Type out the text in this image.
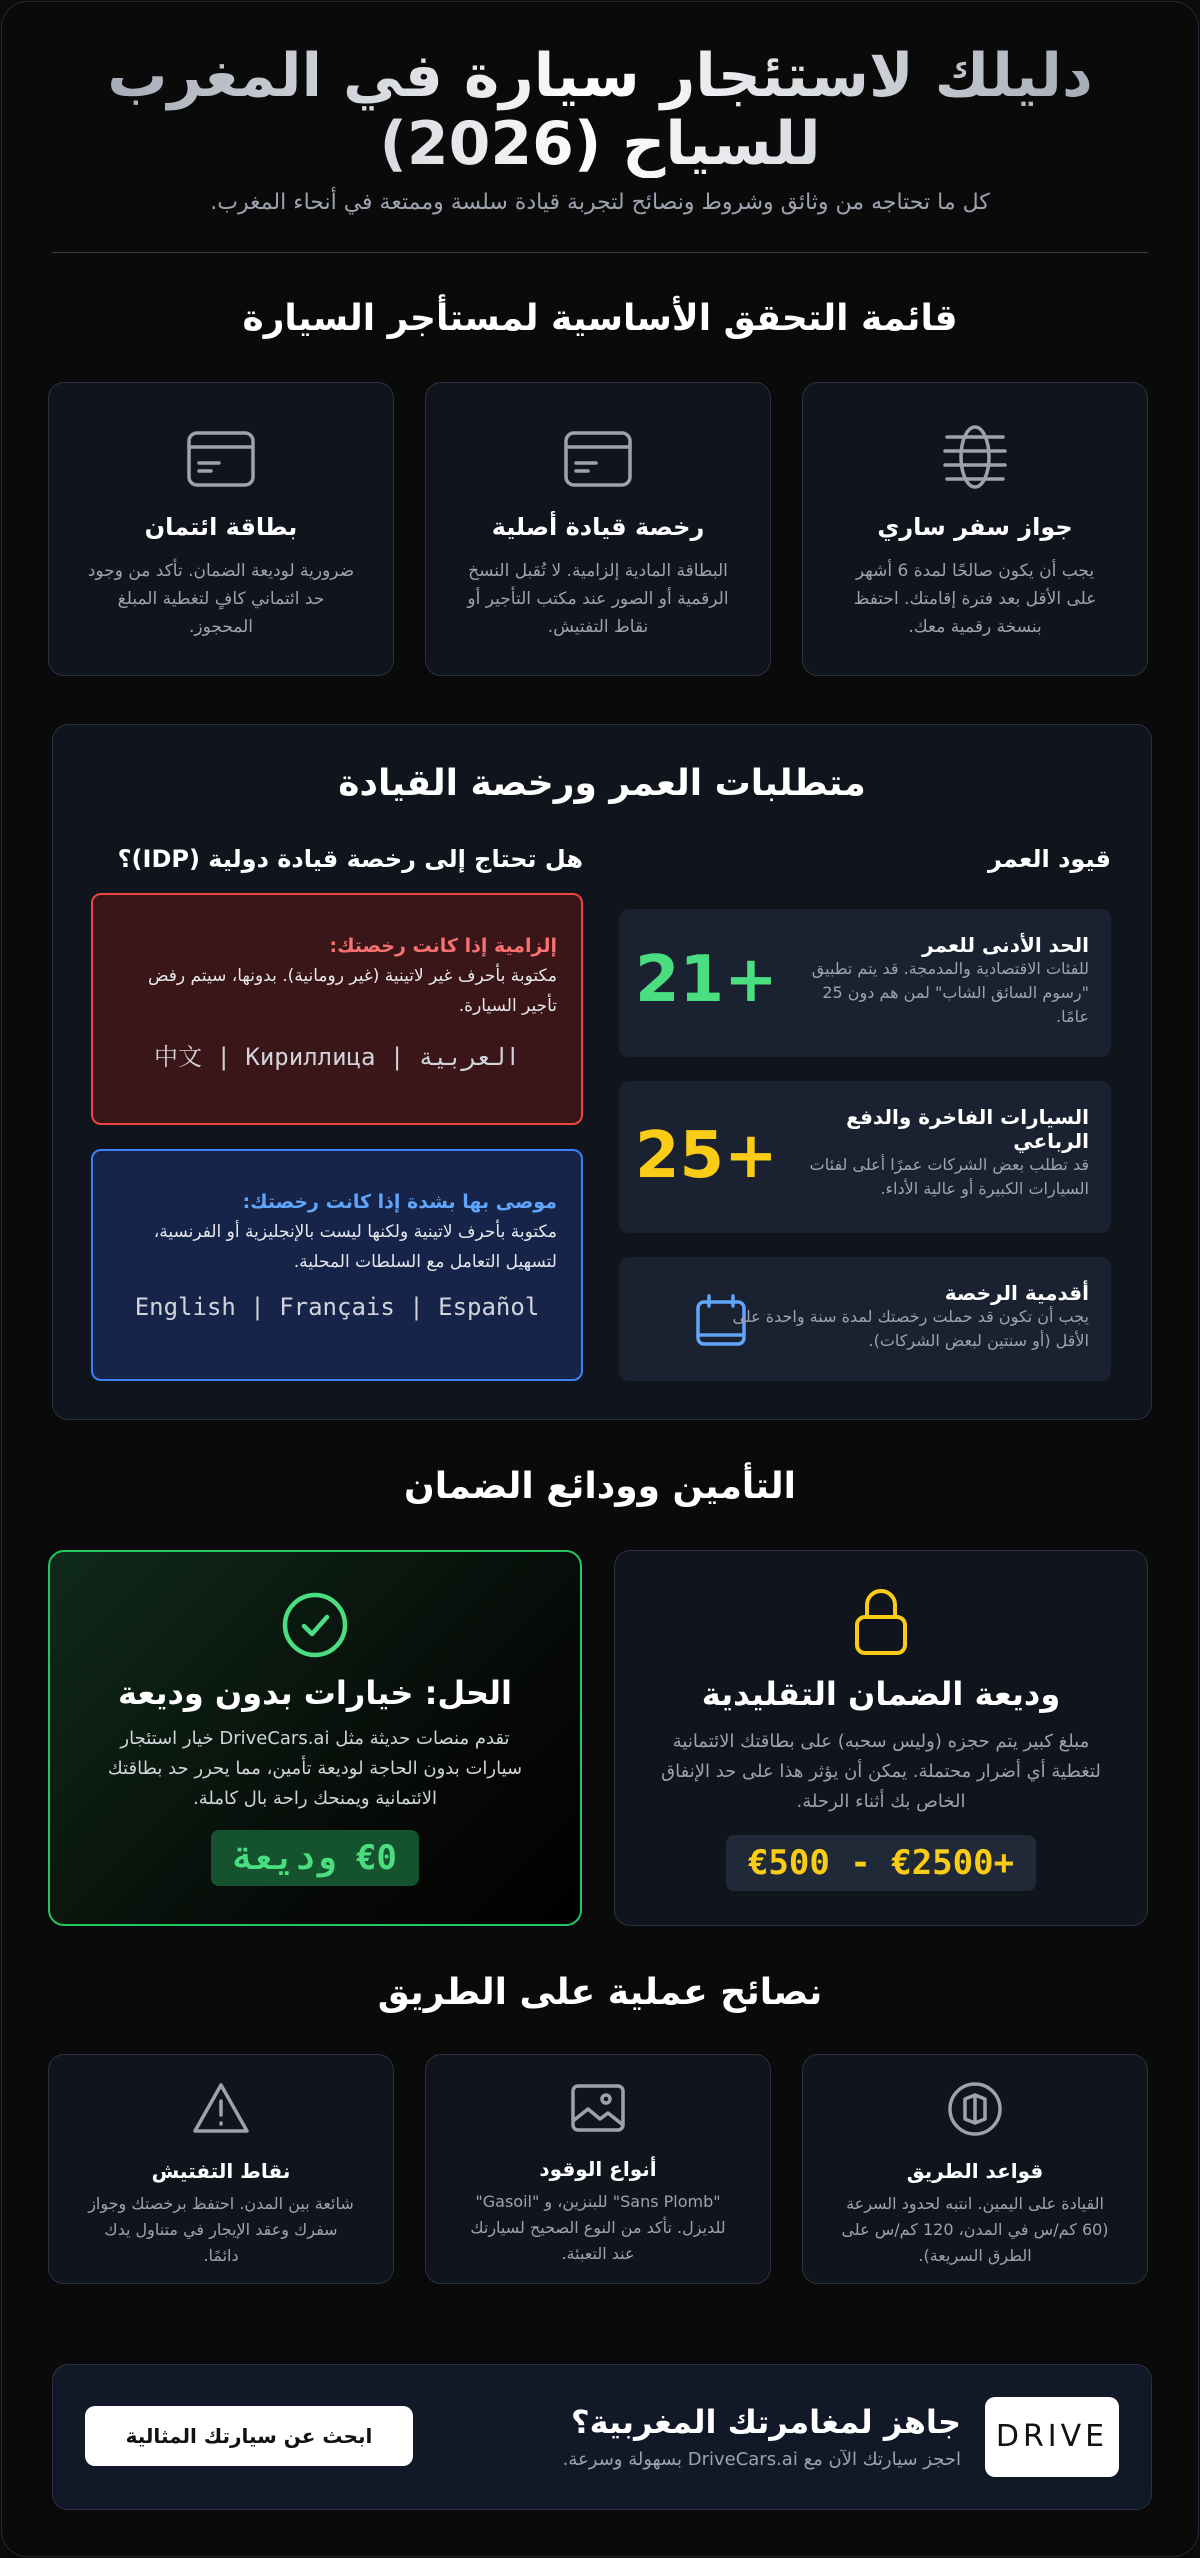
دليلك لاستئجار سيارة في المغرب للسياح (2026)

كل ما تحتاجه من وثائق وشروط ونصائح لتجربة قيادة سلسة وممتعة في أنحاء المغرب.

قائمة التحقق الأساسية لمستأجر السيارة
جواز سفر ساري

يجب أن يكون صالحًا لمدة 6 أشهر على الأقل بعد فترة إقامتك. احتفظ بنسخة رقمية معك.

رخصة قيادة أصلية

البطاقة المادية إلزامية. لا تُقبل النسخ الرقمية أو الصور عند مكتب التأجير أو نقاط التفتيش.

بطاقة ائتمان

ضرورية لوديعة الضمان. تأكد من وجود حد ائتماني كافٍ لتغطية المبلغ المحجوز.

متطلبات العمر ورخصة القيادة
قيود العمر
هل تحتاج إلى رخصة قيادة دولية (IDP)؟
+21	الحد الأدنى للعمر
للفئات الاقتصادية والمدمجة. قد يتم تطبيق "رسوم السائق الشاب" لمن هم دون 25 عامًا.
+25
السيارات الفاخرة والدفع الرباعي
قد تطلب بعض الشركات عمرًا أعلى لفئات السيارات الكبيرة أو عالية الأداء.
أقدمية الرخصة
يجب أن تكون قد حملت رخصتك لمدة سنة واحدة على الأقل (أو سنتين لبعض الشركات).
إلزامية إذا كانت رخصتك:
مكتوبة بأحرف غير لاتينية (غير رومانية). بدونها، سيتم رفض تأجير السيارة.
中文 | Кириллица | العربية
موصى بها بشدة إذا كانت رخصتك:
مكتوبة بأحرف لاتينية ولكنها ليست بالإنجليزية أو الفرنسية، لتسهيل التعامل مع السلطات المحلية.
English | Français | Español
التأمين وودائع الضمان
وديعة الضمان التقليدية

مبلغ كبير يتم حجزه (وليس سحبه) على بطاقتك الائتمانية لتغطية أي أضرار محتملة. يمكن أن يؤثر هذا على حد الإنفاق الخاص بك أثناء الرحلة.

€500 - €2500+
الحل: خيارات بدون وديعة

تقدم منصات حديثة مثل DriveCars.ai خيار استئجار سيارات بدون الحاجة لوديعة تأمين، مما يحرر حد بطاقتك الائتمانية ويمنحك راحة بال كاملة.

€0 وديعة
نصائح عملية على الطريق
قواعد الطريق

القيادة على اليمين. انتبه لحدود السرعة (60 كم/س في المدن، 120 كم/س على الطرق السريعة).

أنواع الوقود

"Sans Plomb" للبنزين، و "Gasoil" للديزل. تأكد من النوع الصحيح لسيارتك عند التعبئة.

نقاط التفتيش

شائعة بين المدن. احتفظ برخصتك وجواز سفرك وعقد الإيجار في متناول يدك دائمًا.

DRIVE
جاهز لمغامرتك المغربية؟
احجز سيارتك الآن مع DriveCars.ai بسهولة وسرعة.
ابحث عن سيارتك المثالية
